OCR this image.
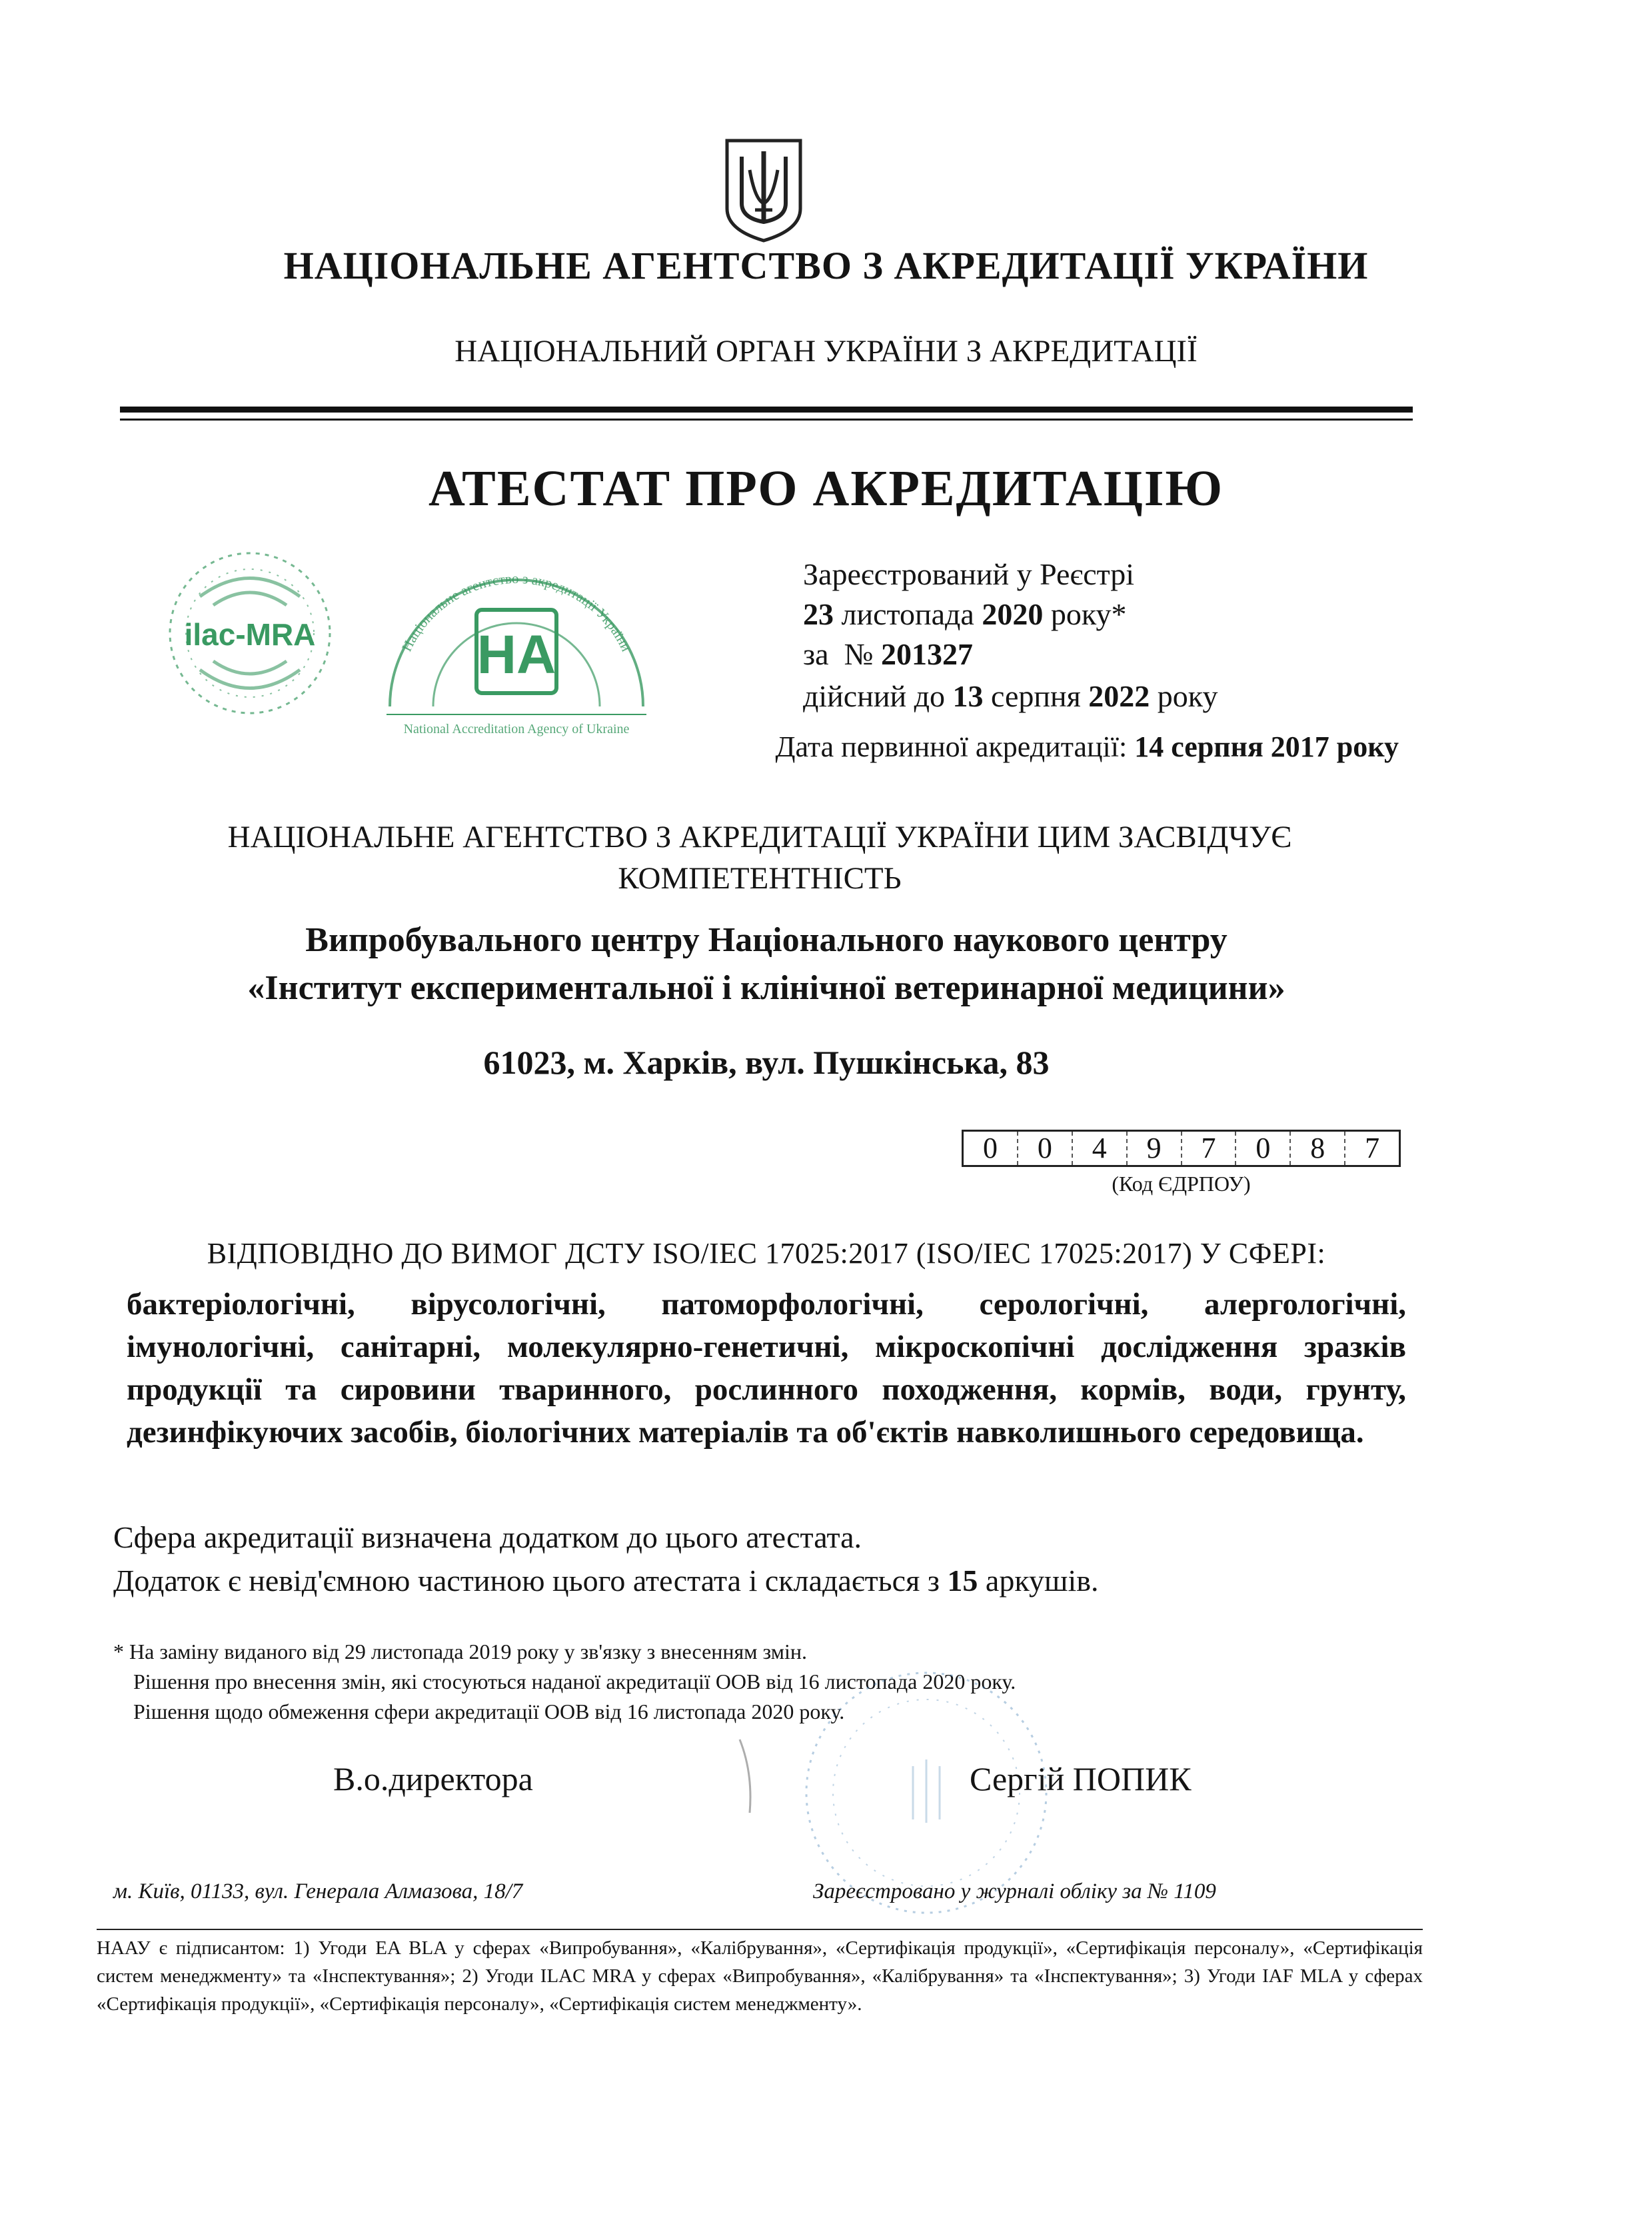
НАЦІОНАЛЬНЕ АГЕНТСТВО З АКРЕДИТАЦІЇ УКРАЇНИ
НАЦІОНАЛЬНИЙ ОРГАН УКРАЇНИ З АКРЕДИТАЦІЇ
АТЕСТАТ ПРО АКРЕДИТАЦІЮ
ilac-MRA	Національне агентство з акредитації України
НА
National Accreditation Agency of Ukraine
Зареєстрований у Реєстрі
23 листопада 2020 року*
за  № 201327
дійсний до 13 серпня 2022 року
Дата первинної акредитації: 14 серпня 2017 року
НАЦІОНАЛЬНЕ АГЕНТСТВО З АКРЕДИТАЦІЇ УКРАЇНИ ЦИМ ЗАСВІДЧУЄ КОМПЕТЕНТНІСТЬ
Випробувального центру Національного наукового центру
«Інститут експериментальної і клінічної ветеринарної медицини»
61023, м. Харків, вул. Пушкінська, 83
0	0	4	9	7	0	8	7
(Код ЄДРПОУ)
ВІДПОВІДНО ДО ВИМОГ ДСТУ ISO/IEC 17025:2017 (ISO/IEC 17025:2017) У СФЕРІ:
бактеріологічні, вірусологічні, патоморфологічні, серологічні, алергологічні, імунологічні, санітарні, молекулярно-генетичні, мікроскопічні дослідження зразків продукції та сировини тваринного, рослинного походження, кормів, води, грунту, дезинфікуючих засобів, біологічних матеріалів та об'єктів навколишнього середовища.
Сфера акредитації визначена додатком до цього атестата.
Додаток є невід'ємною частиною цього атестата і складається з 15 аркушів.
* На заміну виданого від 29 листопада 2019 року у зв'язку з внесенням змін.
Рішення про внесення змін, які стосуються наданої акредитації ООВ від 16 листопада 2020 року.
Рішення щодо обмеження сфери акредитації ООВ від 16 листопада 2020 року.
В.о.директора	Сергій ПОПИК
м. Київ, 01133, вул. Генерала Алмазова, 18/7	Зареєстровано у журналі обліку за № 1109
НААУ є підписантом: 1) Угоди EA BLA у сферах «Випробування», «Калібрування», «Сертифікація продукції», «Сертифікація персоналу», «Сертифікація систем менеджменту» та «Інспектування»; 2) Угоди ILAC MRA у сферах «Випробування», «Калібрування» та «Інспектування»; 3) Угоди IAF MLA у сферах «Сертифікація продукції», «Сертифікація персоналу», «Сертифікація систем менеджменту».
